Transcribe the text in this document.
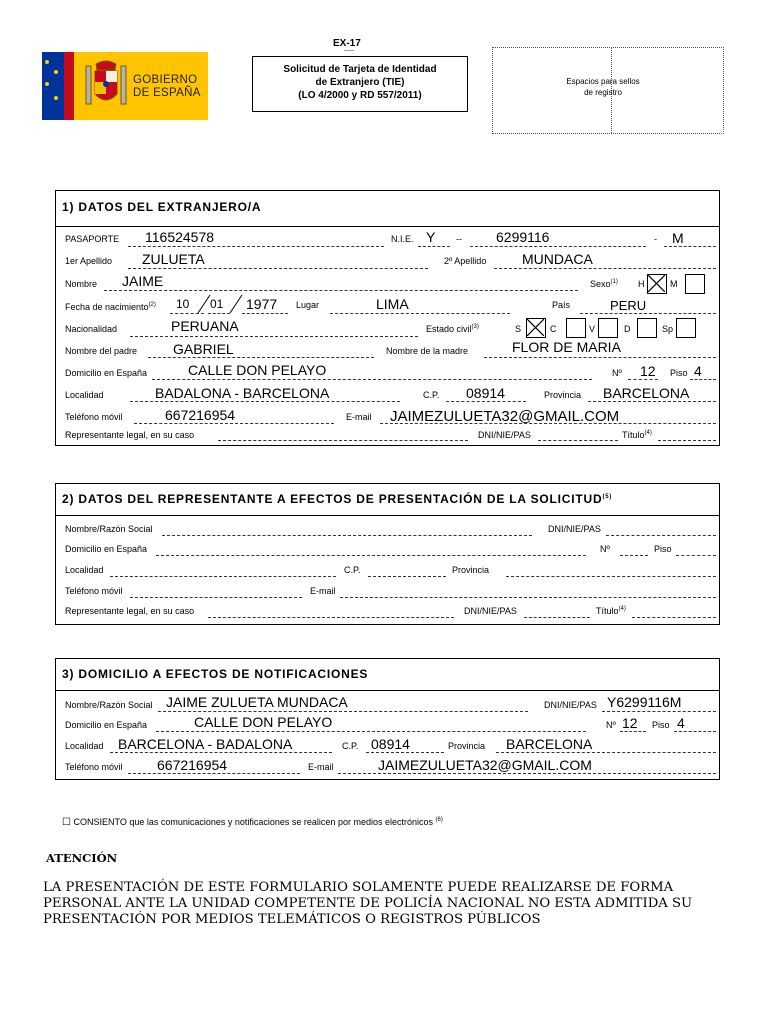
GOBIERNO
DE ESPAÑA
EX-17
Solicitud de Tarjeta de Identidad
de Extranjero (TIE)
(LO 4/2000 y RD 557/2011)
Espacios para sellos
de registro
1) DATOS DEL EXTRANJERO/A
PASAPORTE 116524578	N.I.E. Y -- 6299116	- M
1er Apellido ZULUETA	2º Apellido	MUNDACA
Nombre JAIME	Sexo$^{(1)}$ H	M
Fecha de nacimiento$^{(2)}$ 10 01 1977 Lugar	LIMA	País	PERU
Nacionalidad	PERUANA	Estado civil$^{(3)}$	S	C	V	D	Sp
Nombre del padre	GABRIEL	Nombre de la madre	FLOR DE MARIA
Domicilio en España	CALLE DON PELAYO	Nº 12 Piso 4
Localidad	BADALONA - BARCELONA	C.P. 08914	Provincia BARCELONA
Teléfono móvil	667216954	E-mail JAIMEZULUETA32@GMAIL.COM
Representante legal, en su caso	DNI/NIE/PAS	Título$^{(4)}$
2) DATOS DEL REPRESENTANTE A EFECTOS DE PRESENTACIÓN DE LA SOLICITUD$^{(5)}$
Nombre/Razón Social	DNI/NIE/PAS
Domicilio en España	Nº	Piso
Localidad	C.P.	Provincia
Teléfono móvil	E-mail
Representante legal, en su caso	DNI/NIE/PAS	Título$^{(4)}$
3) DOMICILIO A EFECTOS DE NOTIFICACIONES
Nombre/Razón Social JAIME ZULUETA MUNDACA	DNI/NIE/PAS Y6299116M
Domicilio en España	CALLE DON PELAYO	Nº 12 Piso 4
Localidad BARCELONA - BADALONA	C.P. 08914	Provincia BARCELONA
Teléfono móvil 667216954	E-mail	JAIMEZULUETA32@GMAIL.COM
☐ CONSIENTO que las comunicaciones y notificaciones se realicen por medios electrónicos $^{(6)}$
ATENCIÓN
LA PRESENTACIÓN DE ESTE FORMULARIO SOLAMENTE PUEDE REALIZARSE DE FORMA
PERSONAL ANTE LA UNIDAD COMPETENTE DE POLICÍA NACIONAL NO ESTA ADMITIDA SU
PRESENTACIÓN POR MEDIOS TELEMÁTICOS O REGISTROS PÚBLICOS
